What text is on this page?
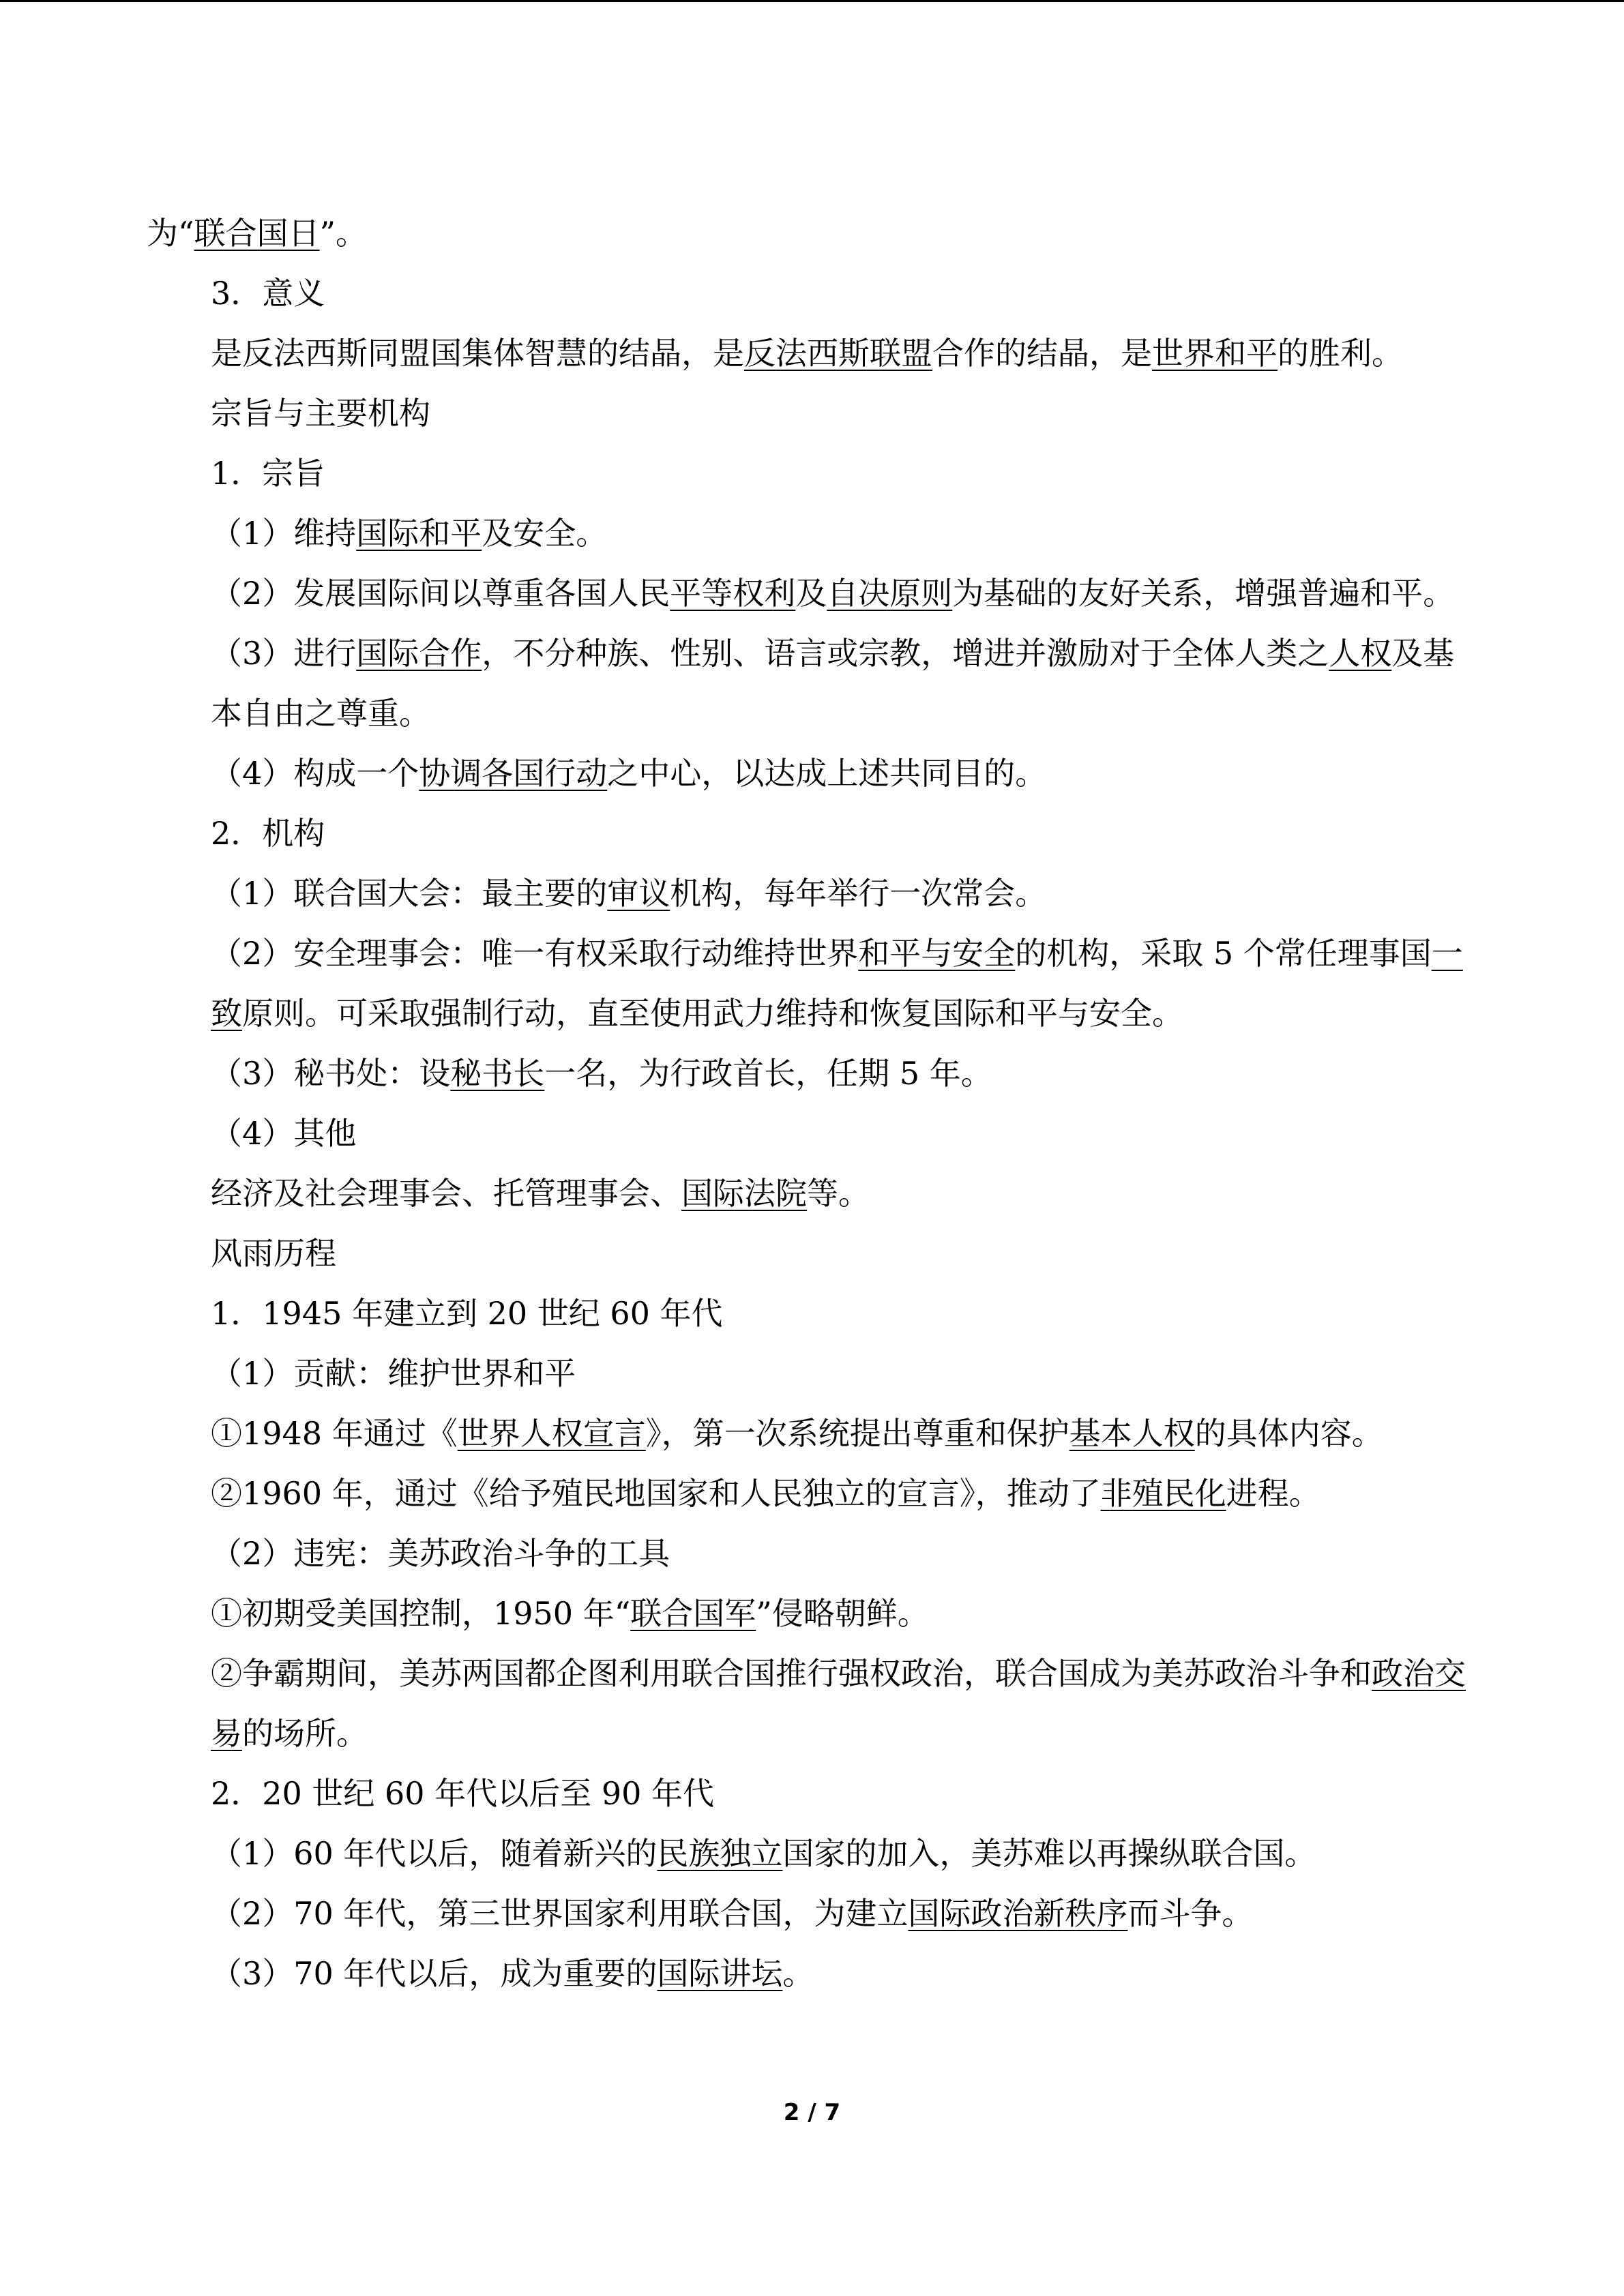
为“联合国日”。

3．意义

是反法西斯同盟国集体智慧的结晶，是反法西斯联盟合作的结晶，是世界和平的胜利。

宗旨与主要机构

1．宗旨

（1）维持国际和平及安全。

（2）发展国际间以尊重各国人民平等权利及自决原则为基础的友好关系，增强普遍和平。

（3）进行国际合作，不分种族、性别、语言或宗教，增进并激励对于全体人类之人权及基本自由之尊重。

（4）构成一个协调各国行动之中心，以达成上述共同目的。

2．机构

（1）联合国大会：最主要的审议机构，每年举行一次常会。

（2）安全理事会：唯一有权采取行动维持世界和平与安全的机构，采取 5 个常任理事国一致原则。可采取强制行动，直至使用武力维持和恢复国际和平与安全。

（3）秘书处：设秘书长一名，为行政首长，任期 5 年。

（4）其他

经济及社会理事会、托管理事会、国际法院等。

风雨历程

1．1945 年建立到 20 世纪 60 年代

（1）贡献：维护世界和平

①1948 年通过《世界人权宣言》，第一次系统提出尊重和保护基本人权的具体内容。

②1960 年，通过《给予殖民地国家和人民独立的宣言》，推动了非殖民化进程。

（2）违宪：美苏政治斗争的工具

①初期受美国控制，1950 年“联合国军”侵略朝鲜。

②争霸期间，美苏两国都企图利用联合国推行强权政治，联合国成为美苏政治斗争和政治交易的场所。

2．20 世纪 60 年代以后至 90 年代

（1）60 年代以后，随着新兴的民族独立国家的加入，美苏难以再操纵联合国。

（2）70 年代，第三世界国家利用联合国，为建立国际政治新秩序而斗争。

（3）70 年代以后，成为重要的国际讲坛。

2 / 7
